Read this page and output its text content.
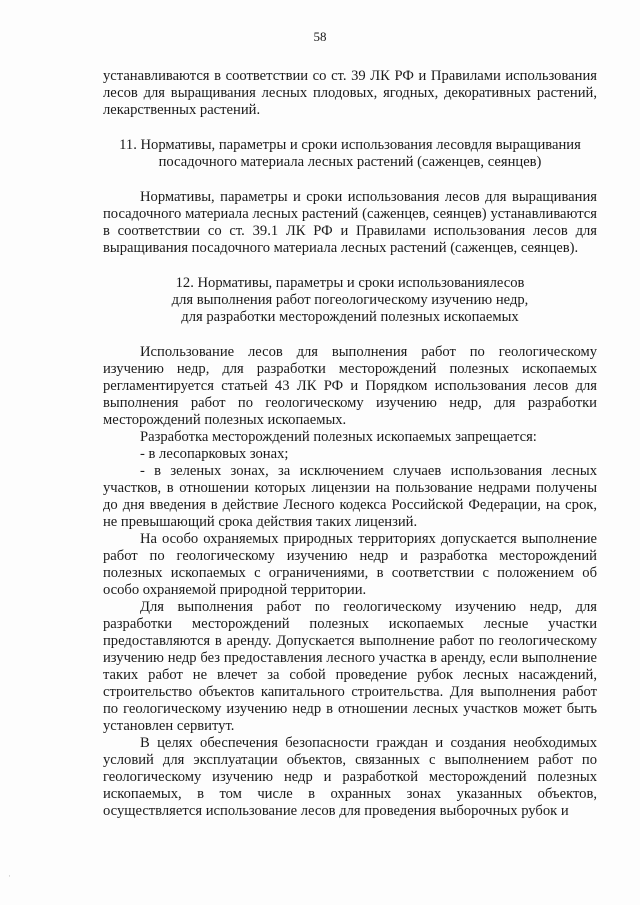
58

устанавливаются в соответствии со ст. 39 ЛК РФ и Правилами использования лесов для выращивания лесных плодовых, ягодных, декоративных растений, лекарственных растений.

11. Нормативы, параметры и сроки использования лесовдля выращивания
посадочного материала лесных растений (саженцев, сеянцев)

Нормативы, параметры и сроки использования лесов для выращивания посадочного материала лесных растений (саженцев, сеянцев) устанавливаются в соответствии со ст. 39.1 ЛК РФ и Правилами использования лесов для выращивания посадочного материала лесных растений (саженцев, сеянцев).

12. Нормативы, параметры и сроки использованиялесов
для выполнения работ погеологическому изучению недр,
для разработки месторождений полезных ископаемых

Использование лесов для выполнения работ по геологическому изучению недр, для разработки месторождений полезных ископаемых регламентируется статьей 43 ЛК РФ и Порядком использования лесов для выполнения работ по геологическому изучению недр, для разработки месторождений полезных ископаемых.

Разработка месторождений полезных ископаемых запрещается:

- в лесопарковых зонах;

- в зеленых зонах, за исключением случаев использования лесных участков, в отношении которых лицензии на пользование недрами получены до дня введения в действие Лесного кодекса Российской Федерации, на срок, не превышающий срока действия таких лицензий.

На особо охраняемых природных территориях допускается выполнение работ по геологическому изучению недр и разработка месторождений полезных ископаемых с ограничениями, в соответствии с положением об особо охраняемой природной территории.

Для выполнения работ по геологическому изучению недр, для разработки месторождений полезных ископаемых лесные участки предоставляются в аренду. Допускается выполнение работ по геологическому изучению недр без предоставления лесного участка в аренду, если выполнение таких работ не влечет за собой проведение рубок лесных насаждений, строительство объектов капитального строительства. Для выполнения работ по геологическому изучению недр в отношении лесных участков может быть установлен сервитут.

В целях обеспечения безопасности граждан и создания необходимых условий для эксплуатации объектов, связанных с выполнением работ по геологическому изучению недр и разработкой месторождений полезных ископаемых, в том числе в охранных зонах указанных объектов, осуществляется использование лесов для проведения выборочных рубок и

·
